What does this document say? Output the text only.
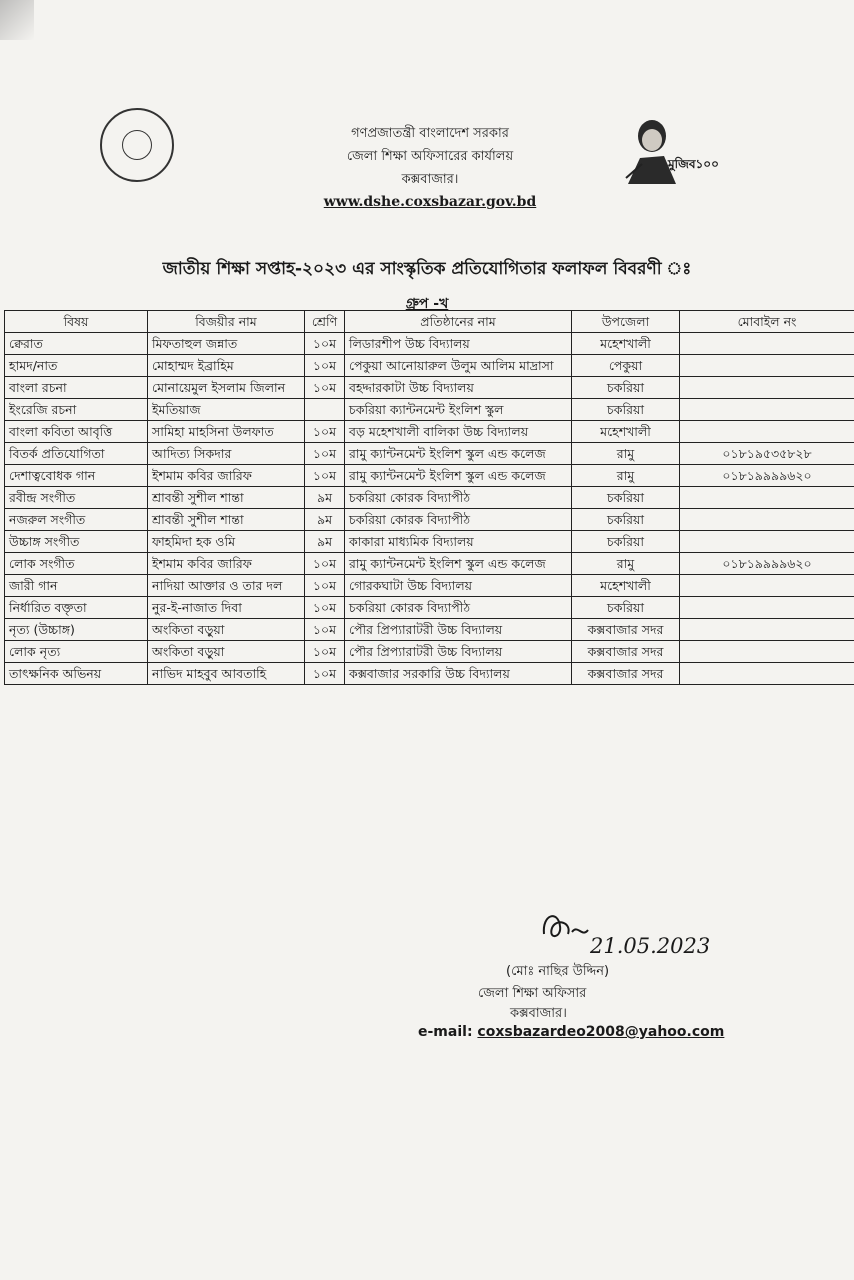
গণপ্রজাতন্ত্রী বাংলাদেশ সরকার
জেলা শিক্ষা অফিসারের কার্যালয়
কক্সবাজার।
www.dshe.coxsbazar.gov.bd
মুজিব১০০
জাতীয় শিক্ষা সপ্তাহ-২০২৩ এর সাংস্কৃতিক প্রতিযোগিতার ফলাফল বিবরণী ঃ
গ্রুপ -খ
বিষয়	বিজয়ীর নাম	শ্রেণি	প্রতিষ্ঠানের নাম	উপজেলা	মোবাইল নং
ক্বেরাত	মিফতাহুল জন্নাত	১০ম	লিডারশীপ উচ্চ বিদ্যালয়	মহেশখালী	
হামদ/নাত	মোহাম্মদ ইব্রাহিম	১০ম	পেকুয়া আনোয়ারুল উলুম আলিম মাদ্রাসা	পেকুয়া	
বাংলা রচনা	মোনায়েমুল ইসলাম জিলান	১০ম	বহদ্দারকাটা উচ্চ বিদ্যালয়	চকরিয়া	
ইংরেজি রচনা	ইমতিয়াজ		চকরিয়া ক্যান্টনমেন্ট ইংলিশ স্কুল	চকরিয়া	
বাংলা কবিতা আবৃত্তি	সামিহা মাহসিনা উলফাত	১০ম	বড় মহেশখালী বালিকা উচ্চ বিদ্যালয়	মহেশখালী	
বিতর্ক প্রতিযোগিতা	আদিত্য সিকদার	১০ম	রামু ক্যান্টনমেন্ট ইংলিশ স্কুল এন্ড কলেজ	রামু	০১৮১৯৫৩৫৮২৮
দেশাত্ববোধক গান	ইশমাম কবির জারিফ	১০ম	রামু ক্যান্টনমেন্ট ইংলিশ স্কুল এন্ড কলেজ	রামু	০১৮১৯৯৯৯৬২০
রবীন্দ্র সংগীত	শ্রাবন্তী সুশীল শান্তা	৯ম	চকরিয়া কোরক বিদ্যাপীঠ	চকরিয়া	
নজরুল সংগীত	শ্রাবন্তী সুশীল শান্তা	৯ম	চকরিয়া কোরক বিদ্যাপীঠ	চকরিয়া	
উচ্চাঙ্গ সংগীত	ফাহমিদা হক ওমি	৯ম	কাকারা মাধ্যমিক বিদ্যালয়	চকরিয়া	
লোক সংগীত	ইশমাম কবির জারিফ	১০ম	রামু ক্যান্টনমেন্ট ইংলিশ স্কুল এন্ড কলেজ	রামু	০১৮১৯৯৯৯৬২০
জারী গান	নাদিয়া আক্তার ও তার দল	১০ম	গোরকঘাটা উচ্চ বিদ্যালয়	মহেশখালী	
নির্ধারিত বক্তৃতা	নুর-ই-নাজাত দিবা	১০ম	চকরিয়া কোরক বিদ্যাপীঠ	চকরিয়া	
নৃত্য (উচ্চাঙ্গ)	অংকিতা বড়ুয়া	১০ম	পৌর প্রিপ্যারাটরী উচ্চ বিদ্যালয়	কক্সবাজার সদর	
লোক নৃত্য	অংকিতা বড়ুয়া	১০ম	পৌর প্রিপ্যারাটরী উচ্চ বিদ্যালয়	কক্সবাজার সদর	
তাৎক্ষনিক অভিনয়	নাভিদ মাহবুব আবতাহি	১০ম	কক্সবাজার সরকারি উচ্চ বিদ্যালয়	কক্সবাজার সদর	
21.05.2023
(মোঃ নাছির উদ্দিন)
জেলা শিক্ষা অফিসার
কক্সবাজার।
e-mail: coxsbazardeo2008@yahoo.com
